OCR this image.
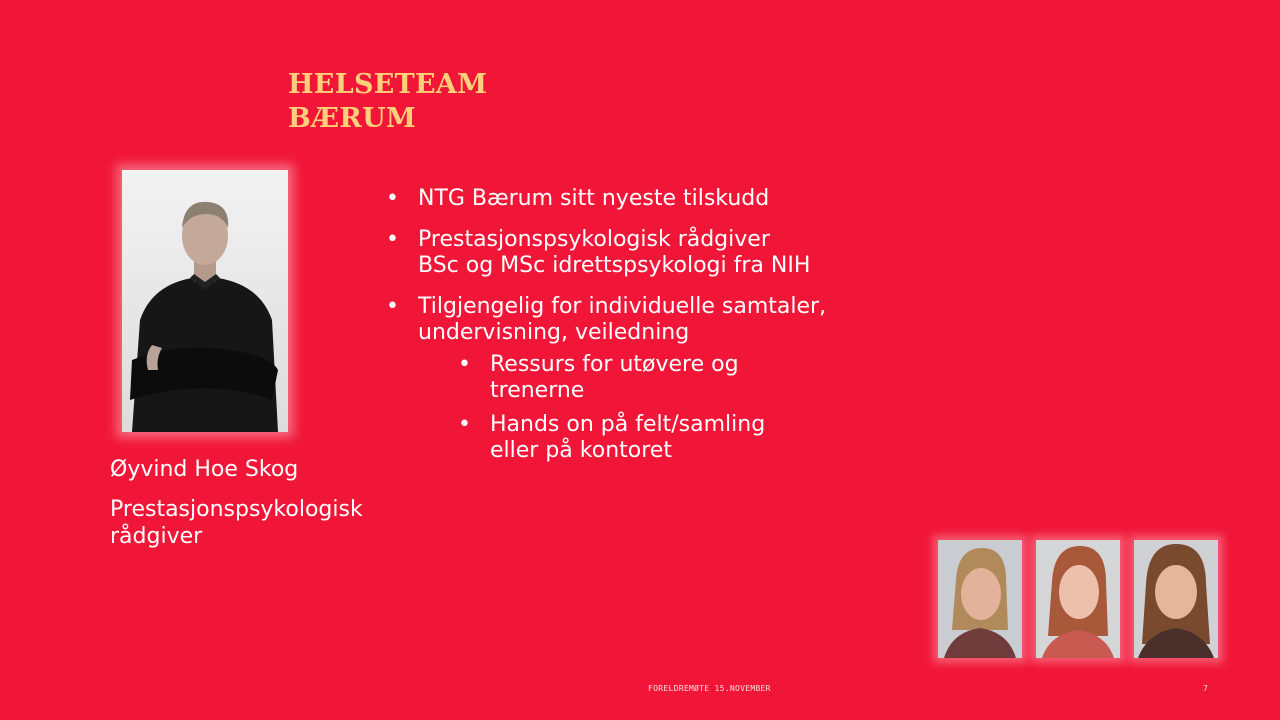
HELSETEAM
BÆRUM
Øyvind Hoe Skog
Prestasjonspsykologisk rådgiver
• NTG Bærum sitt nyeste tilskudd
• Prestasjonspsykologisk rådgiver
BSc og MSc idrettspsykologi fra NIH
• Tilgjengelig for individuelle samtaler,
undervisning, veiledning
• Ressurs for utøvere og
trenerne
• Hands on på felt/samling
eller på kontoret
FORELDREMØTE 15.NOVEMBER	7
